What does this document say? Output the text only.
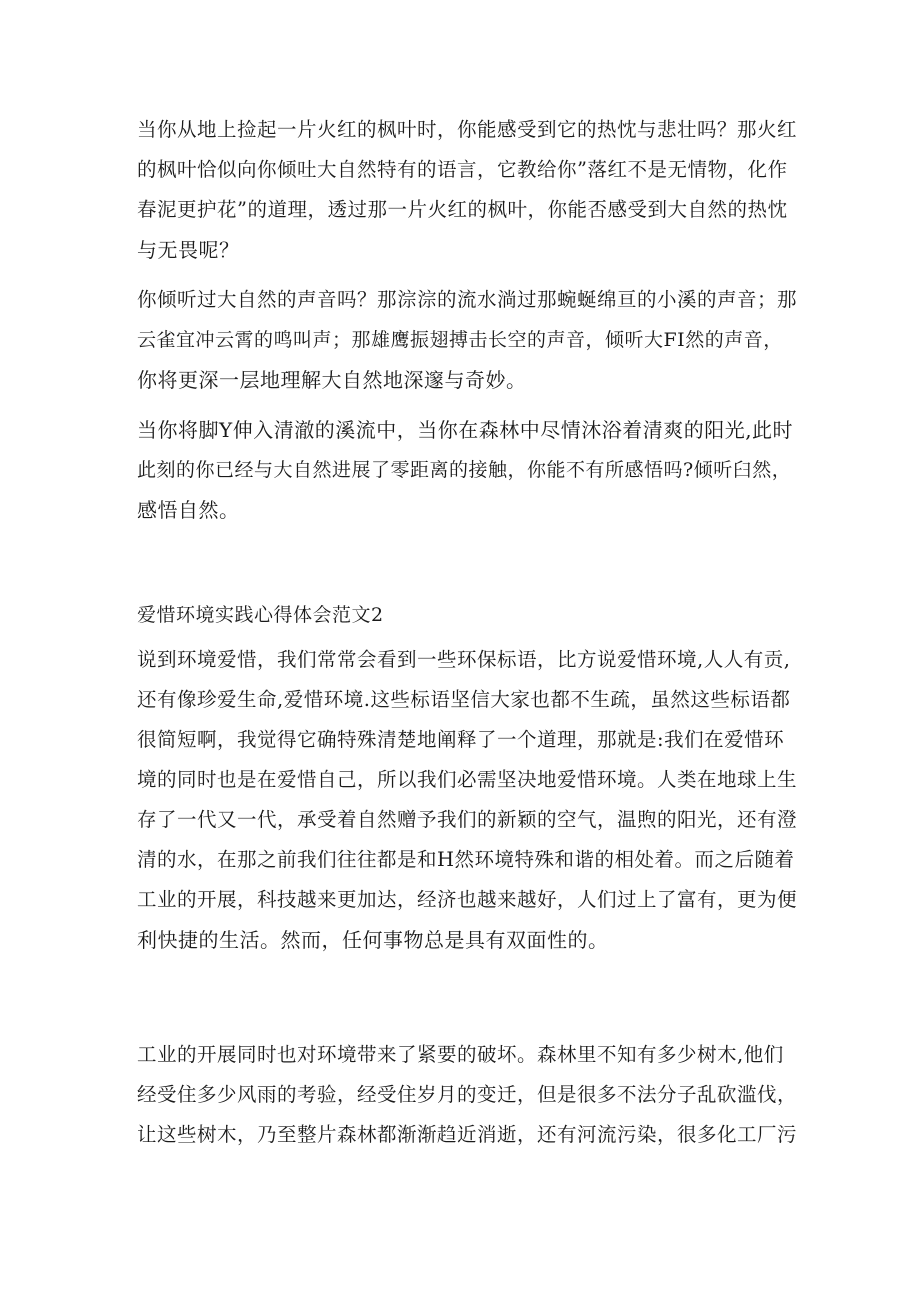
当你从地上捡起一片火红的枫叶时，你能感受到它的热忱与悲壮吗？那火红
的枫叶恰似向你倾吐大自然特有的语言，它教给你”落红不是无情物，化作
春泥更护花”的道理，透过那一片火红的枫叶，你能否感受到大自然的热忱
与无畏呢？
你倾听过大自然的声音吗？那淙淙的流水淌过那蜿蜒绵亘的小溪的声音；那
云雀宜冲云霄的鸣叫声；那雄鹰振翅搏击长空的声音，倾听大FI然的声音，
你将更深一层地理解大自然地深邃与奇妙。
当你将脚Y伸入清澈的溪流中，当你在森林中尽情沐浴着清爽的阳光,此时
此刻的你已经与大自然进展了零距离的接触，你能不有所感悟吗?倾听臼然，
感悟自然。
爱惜环境实践心得体会范文2
说到环境爱惜，我们常常会看到一些环保标语，比方说爱惜环境,人人有贡,
还有像珍爱生命,爱惜环境.这些标语坚信大家也都不生疏，虽然这些标语都
很简短啊，我觉得它确特殊清楚地阐释了一个道理，那就是:我们在爱惜环
境的同时也是在爱惜自己，所以我们必需坚决地爱惜环境。人类在地球上生
存了一代又一代，承受着自然赠予我们的新颖的空气，温煦的阳光，还有澄
清的水，在那之前我们往往都是和H然环境特殊和谐的相处着。而之后随着
工业的开展，科技越来更加达，经济也越来越好，人们过上了富有，更为便
利快捷的生活。然而，任何事物总是具有双面性的。
工业的开展同时也对环境带来了紧要的破坏。森林里不知有多少树木,他们
经受住多少风雨的考验，经受住岁月的变迁，但是很多不法分子乱砍滥伐，
让这些树木，乃至整片森林都渐渐趋近消逝，还有河流污染，很多化工厂污
